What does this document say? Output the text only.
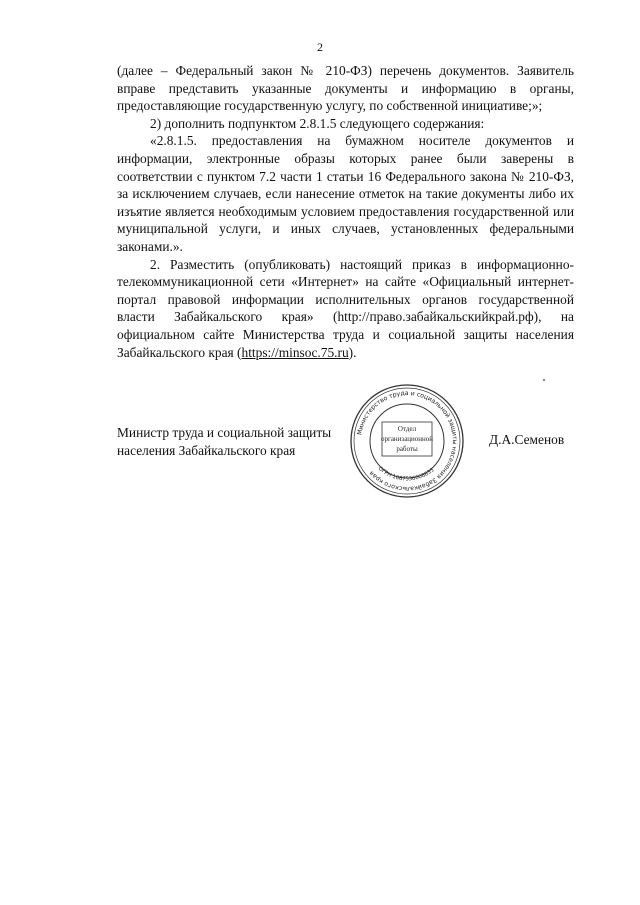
2

(далее – Федеральный закон № 210-ФЗ) перечень документов. Заявитель вправе представить указанные документы и информацию в органы, предоставляющие государственную услугу, по собственной инициативе;»;

2) дополнить подпунктом 2.8.1.5 следующего содержания:

«2.8.1.5. предоставления на бумажном носителе документов и информации, электронные образы которых ранее были заверены в соответствии с пунктом 7.2 части 1 статьи 16 Федерального закона № 210-ФЗ, за исключением случаев, если нанесение отметок на такие документы либо их изъятие является необходимым условием предоставления государственной или муниципальной услуги, и иных случаев, установленных федеральными законами.».

2. Разместить (опубликовать) настоящий приказ в информационно-телекоммуникационной сети «Интернет» на сайте «Официальный интернет-портал правовой информации исполнительных органов государственной власти Забайкальского края» (http://право.забайкальскийкрай.рф), на официальном сайте Министерства труда и социальной защиты населения Забайкальского края (https://minsoc.75.ru).

Министр труда и социальной защиты
населения Забайкальского края
Д.А.Семенов
Министерство труда и социальной защиты населения Забайкальского края ОГРН 1087536008835
Отдел
организационной
работы
